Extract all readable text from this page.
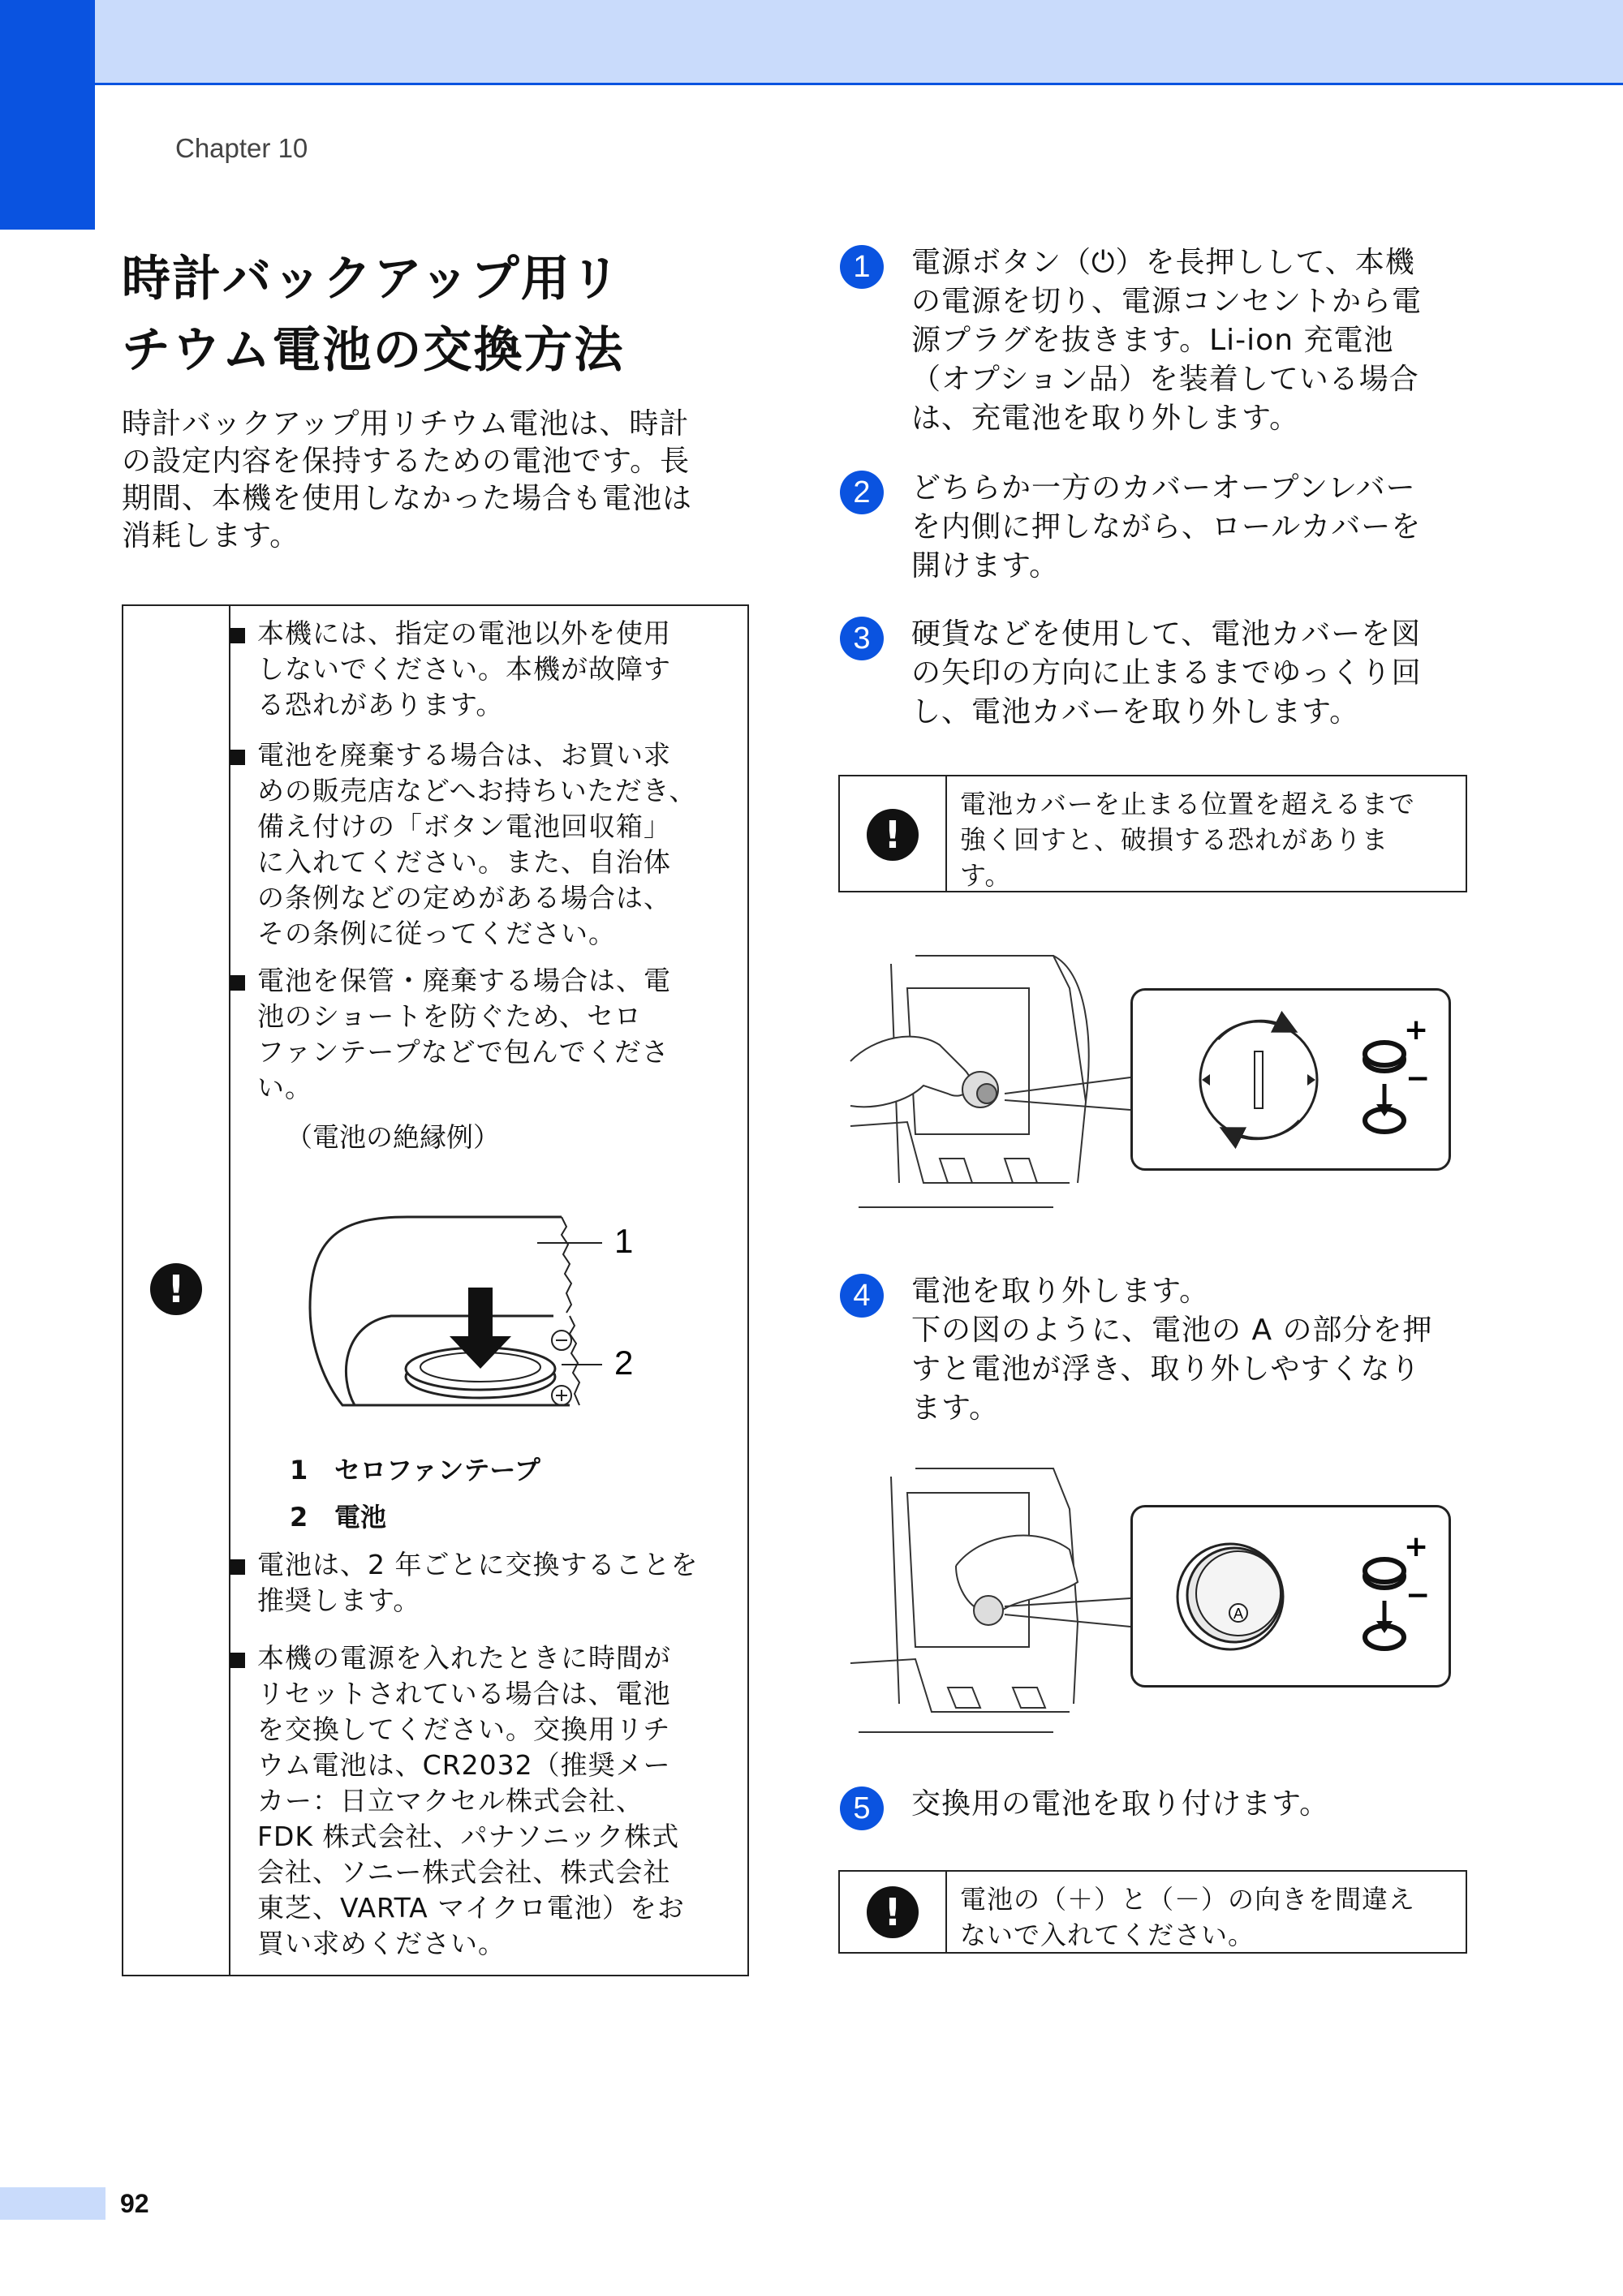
Chapter 10
時計バックアップ用リ
チウム電池の交換方法
時計バックアップ用リチウム電池は、時計
の設定内容を保持するための電池です。長
期間、本機を使用しなかった場合も電池は
消耗します。
!
本機には、指定の電池以外を使用
しないでください。本機が故障す
る恐れがあります。
電池を廃棄する場合は、お買い求
めの販売店などへお持ちいただき、
備え付けの「ボタン電池回収箱」
に入れてください。また、自治体
の条例などの定めがある場合は、
その条例に従ってください。
電池を保管・廃棄する場合は、電
池のショートを防ぐため、セロ
ファンテープなどで包んでくださ
い。
（電池の絶縁例）
1
2
1 セロファンテープ
2 電池
電池は、2 年ごとに交換することを
推奨します。
本機の電源を入れたときに時間が
リセットされている場合は、電池
を交換してください。交換用リチ
ウム電池は、CR2032（推奨メー
カー：日立マクセル株式会社、
FDK 株式会社、パナソニック株式
会社、ソニー株式会社、株式会社
東芝、VARTA マイクロ電池）をお
買い求めください。
1	電源ボタン（⏻）を長押しして、本機
の電源を切り、電源コンセントから電
源プラグを抜きます。Li-ion 充電池
（オプション品）を装着している場合
は、充電池を取り外します。
2	どちらか一方のカバーオープンレバー
を内側に押しながら、ロールカバーを
開けます。
3	硬貨などを使用して、電池カバーを図
の矢印の方向に止まるまでゆっくり回
し、電池カバーを取り外します。
!
電池カバーを止まる位置を超えるまで
強く回すと、破損する恐れがありま
す。
+
−
4	電池を取り外します。
下の図のように、電池の A の部分を押
すと電池が浮き、取り外しやすくなり
ます。
A
+
−
5	交換用の電池を取り付けます。
!	電池の（＋）と（－）の向きを間違え
ないで入れてください。
92
